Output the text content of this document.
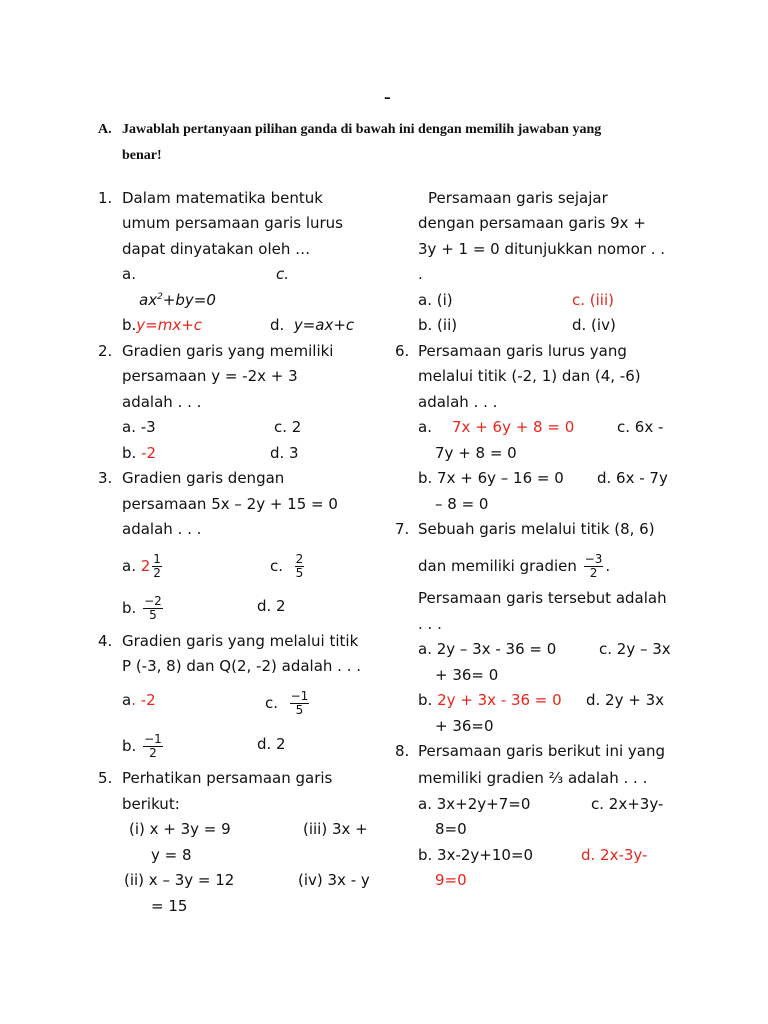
-
A. Jawablah pertanyaan pilihan ganda di bawah ini dengan memilih jawaban yang
benar!
1. Dalam matematika bentuk
umum persamaan garis lurus
dapat dinyatakan oleh …
a.	c.
$ax^2+by=0$
b.y=mx+c	d. y=ax+c
2. Gradien garis yang memiliki
persamaan y = -2x + 3
adalah . . .
a. -3	c. 2
b. -2	d. 3
3. Gradien garis dengan
persamaan 5x – 2y + 15 = 0
adalah . . .
a. $2 \frac{1}{2}$	c. $\frac{2}{5}$
b. $\frac{-2}{5}$	d. 2
4. Gradien garis yang melalui titik
P (-3, 8) dan Q(2, -2) adalah . . .
a. -2	c. $\frac{-1}{5}$
b. $\frac{-1}{2}$	d. 2
5. Perhatikan persamaan garis
berikut:
(i) x + 3y = 9	(iii) 3x +
y = 8
(ii) x – 3y = 12	(iv) 3x - y
= 15
Persamaan garis sejajar
dengan persamaan garis 9x +
3y + 1 = 0 ditunjukkan nomor . .
.
a. (i)	c. (iii)
b. (ii)	d. (iv)
6. Persamaan garis lurus yang
melalui titik (-2, 1) dan (4, -6)
adalah . . .
a. 7x + 6y + 8 = 0	c. 6x -
7y + 8 = 0
b. 7x + 6y – 16 = 0 d. 6x - 7y
– 8 = 0
7. Sebuah garis melalui titik (8, 6)
dan memiliki gradien $\frac{-3}{2}$ .
Persamaan garis tersebut adalah
. . .
a. 2y – 3x - 36 = 0	c. 2y – 3x
+ 36= 0
b. 2y + 3x - 36 = 0 d. 2y + 3x
+ 36=0
8. Persamaan garis berikut ini yang
memiliki gradien ⅔ adalah . . .
a. 3x+2y+7=0	c. 2x+3y-
8=0
b. 3x-2y+10=0	d. 2x-3y-
9=0
